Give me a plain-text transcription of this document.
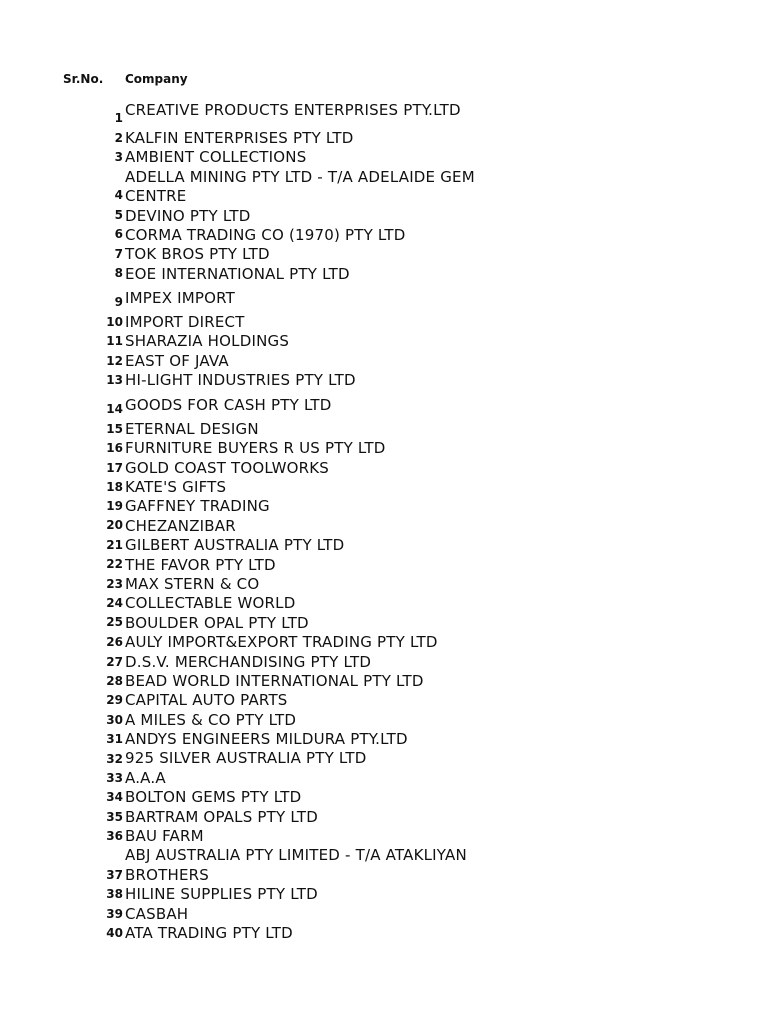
Sr.No. Company
1 CREATIVE PRODUCTS ENTERPRISES PTY.LTD
2 KALFIN ENTERPRISES PTY LTD
3 AMBIENT COLLECTIONS
4
ADELLA MINING PTY LTD - T/A ADELAIDE GEM
CENTRE
5 DEVINO PTY LTD
6 CORMA TRADING CO (1970) PTY LTD
7 TOK BROS PTY LTD
8 EOE INTERNATIONAL PTY LTD
9 IMPEX IMPORT
10 IMPORT DIRECT
11 SHARAZIA HOLDINGS
12 EAST OF JAVA
13 HI-LIGHT INDUSTRIES PTY LTD
14 GOODS FOR CASH PTY LTD
15 ETERNAL DESIGN
16 FURNITURE BUYERS R US PTY LTD
17 GOLD COAST TOOLWORKS
18 KATE'S GIFTS
19 GAFFNEY TRADING
20 CHEZANZIBAR
21 GILBERT AUSTRALIA PTY LTD
22 THE FAVOR PTY LTD
23 MAX STERN & CO
24 COLLECTABLE WORLD
25 BOULDER OPAL PTY LTD
26 AULY IMPORT&EXPORT TRADING PTY LTD
27 D.S.V. MERCHANDISING PTY LTD
28 BEAD WORLD INTERNATIONAL PTY LTD
29 CAPITAL AUTO PARTS
30 A MILES & CO PTY LTD
31 ANDYS ENGINEERS MILDURA PTY.LTD
32 925 SILVER AUSTRALIA PTY LTD
33 A.A.A
34 BOLTON GEMS PTY LTD
35 BARTRAM OPALS PTY LTD
36 BAU FARM
37
ABJ AUSTRALIA PTY LIMITED - T/A ATAKLIYAN
BROTHERS
38 HILINE SUPPLIES PTY LTD
39 CASBAH
40 ATA TRADING PTY LTD
